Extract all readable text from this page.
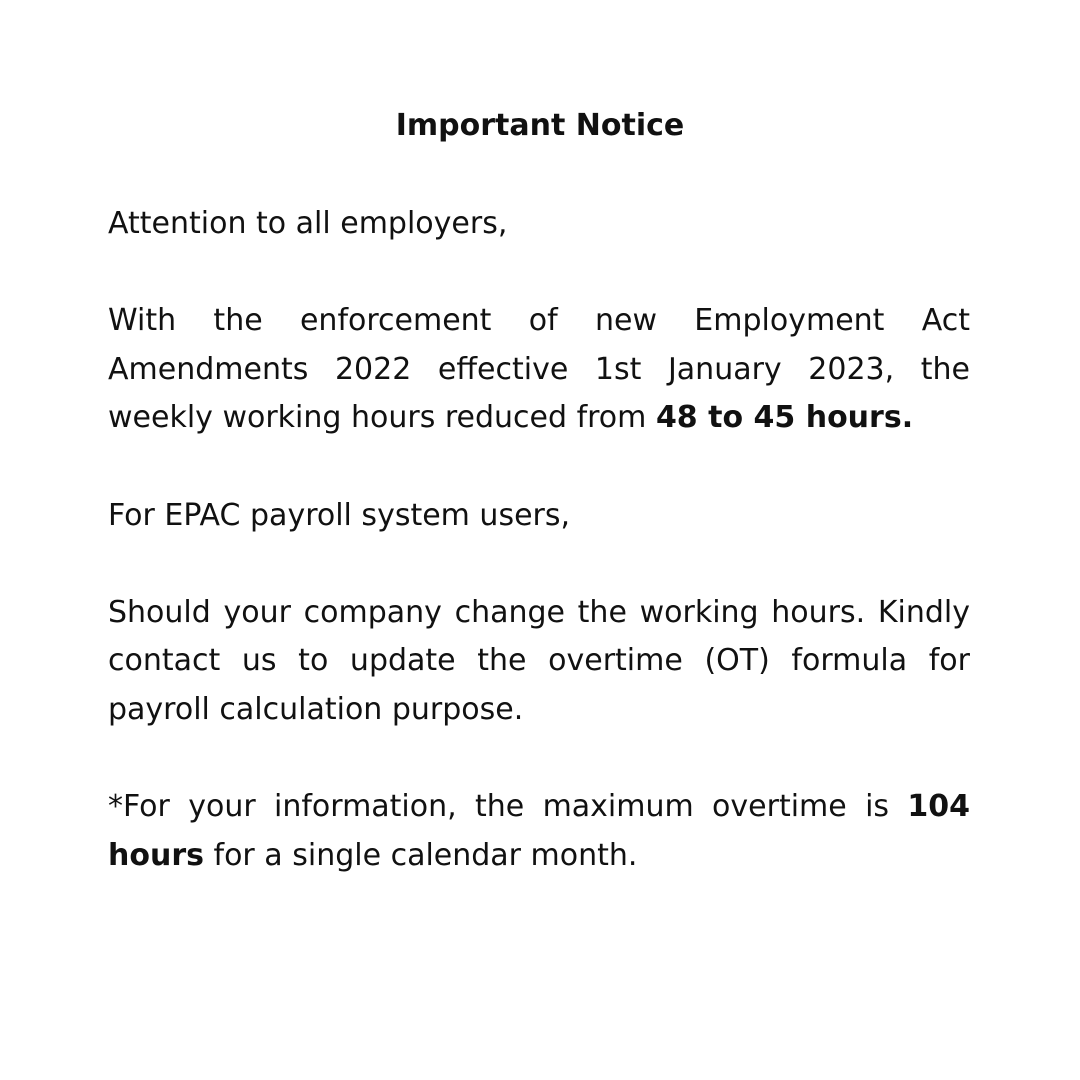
Important Notice

Attention to all employers,

With the enforcement of new Employment Act Amendments 2022 effective 1st January 2023, the weekly working hours reduced from 48 to 45 hours.

For EPAC payroll system users,

Should your company change the working hours. Kindly contact us to update the overtime (OT) formula for payroll calculation purpose.

*For your information, the maximum overtime is 104 hours for a single calendar month.
